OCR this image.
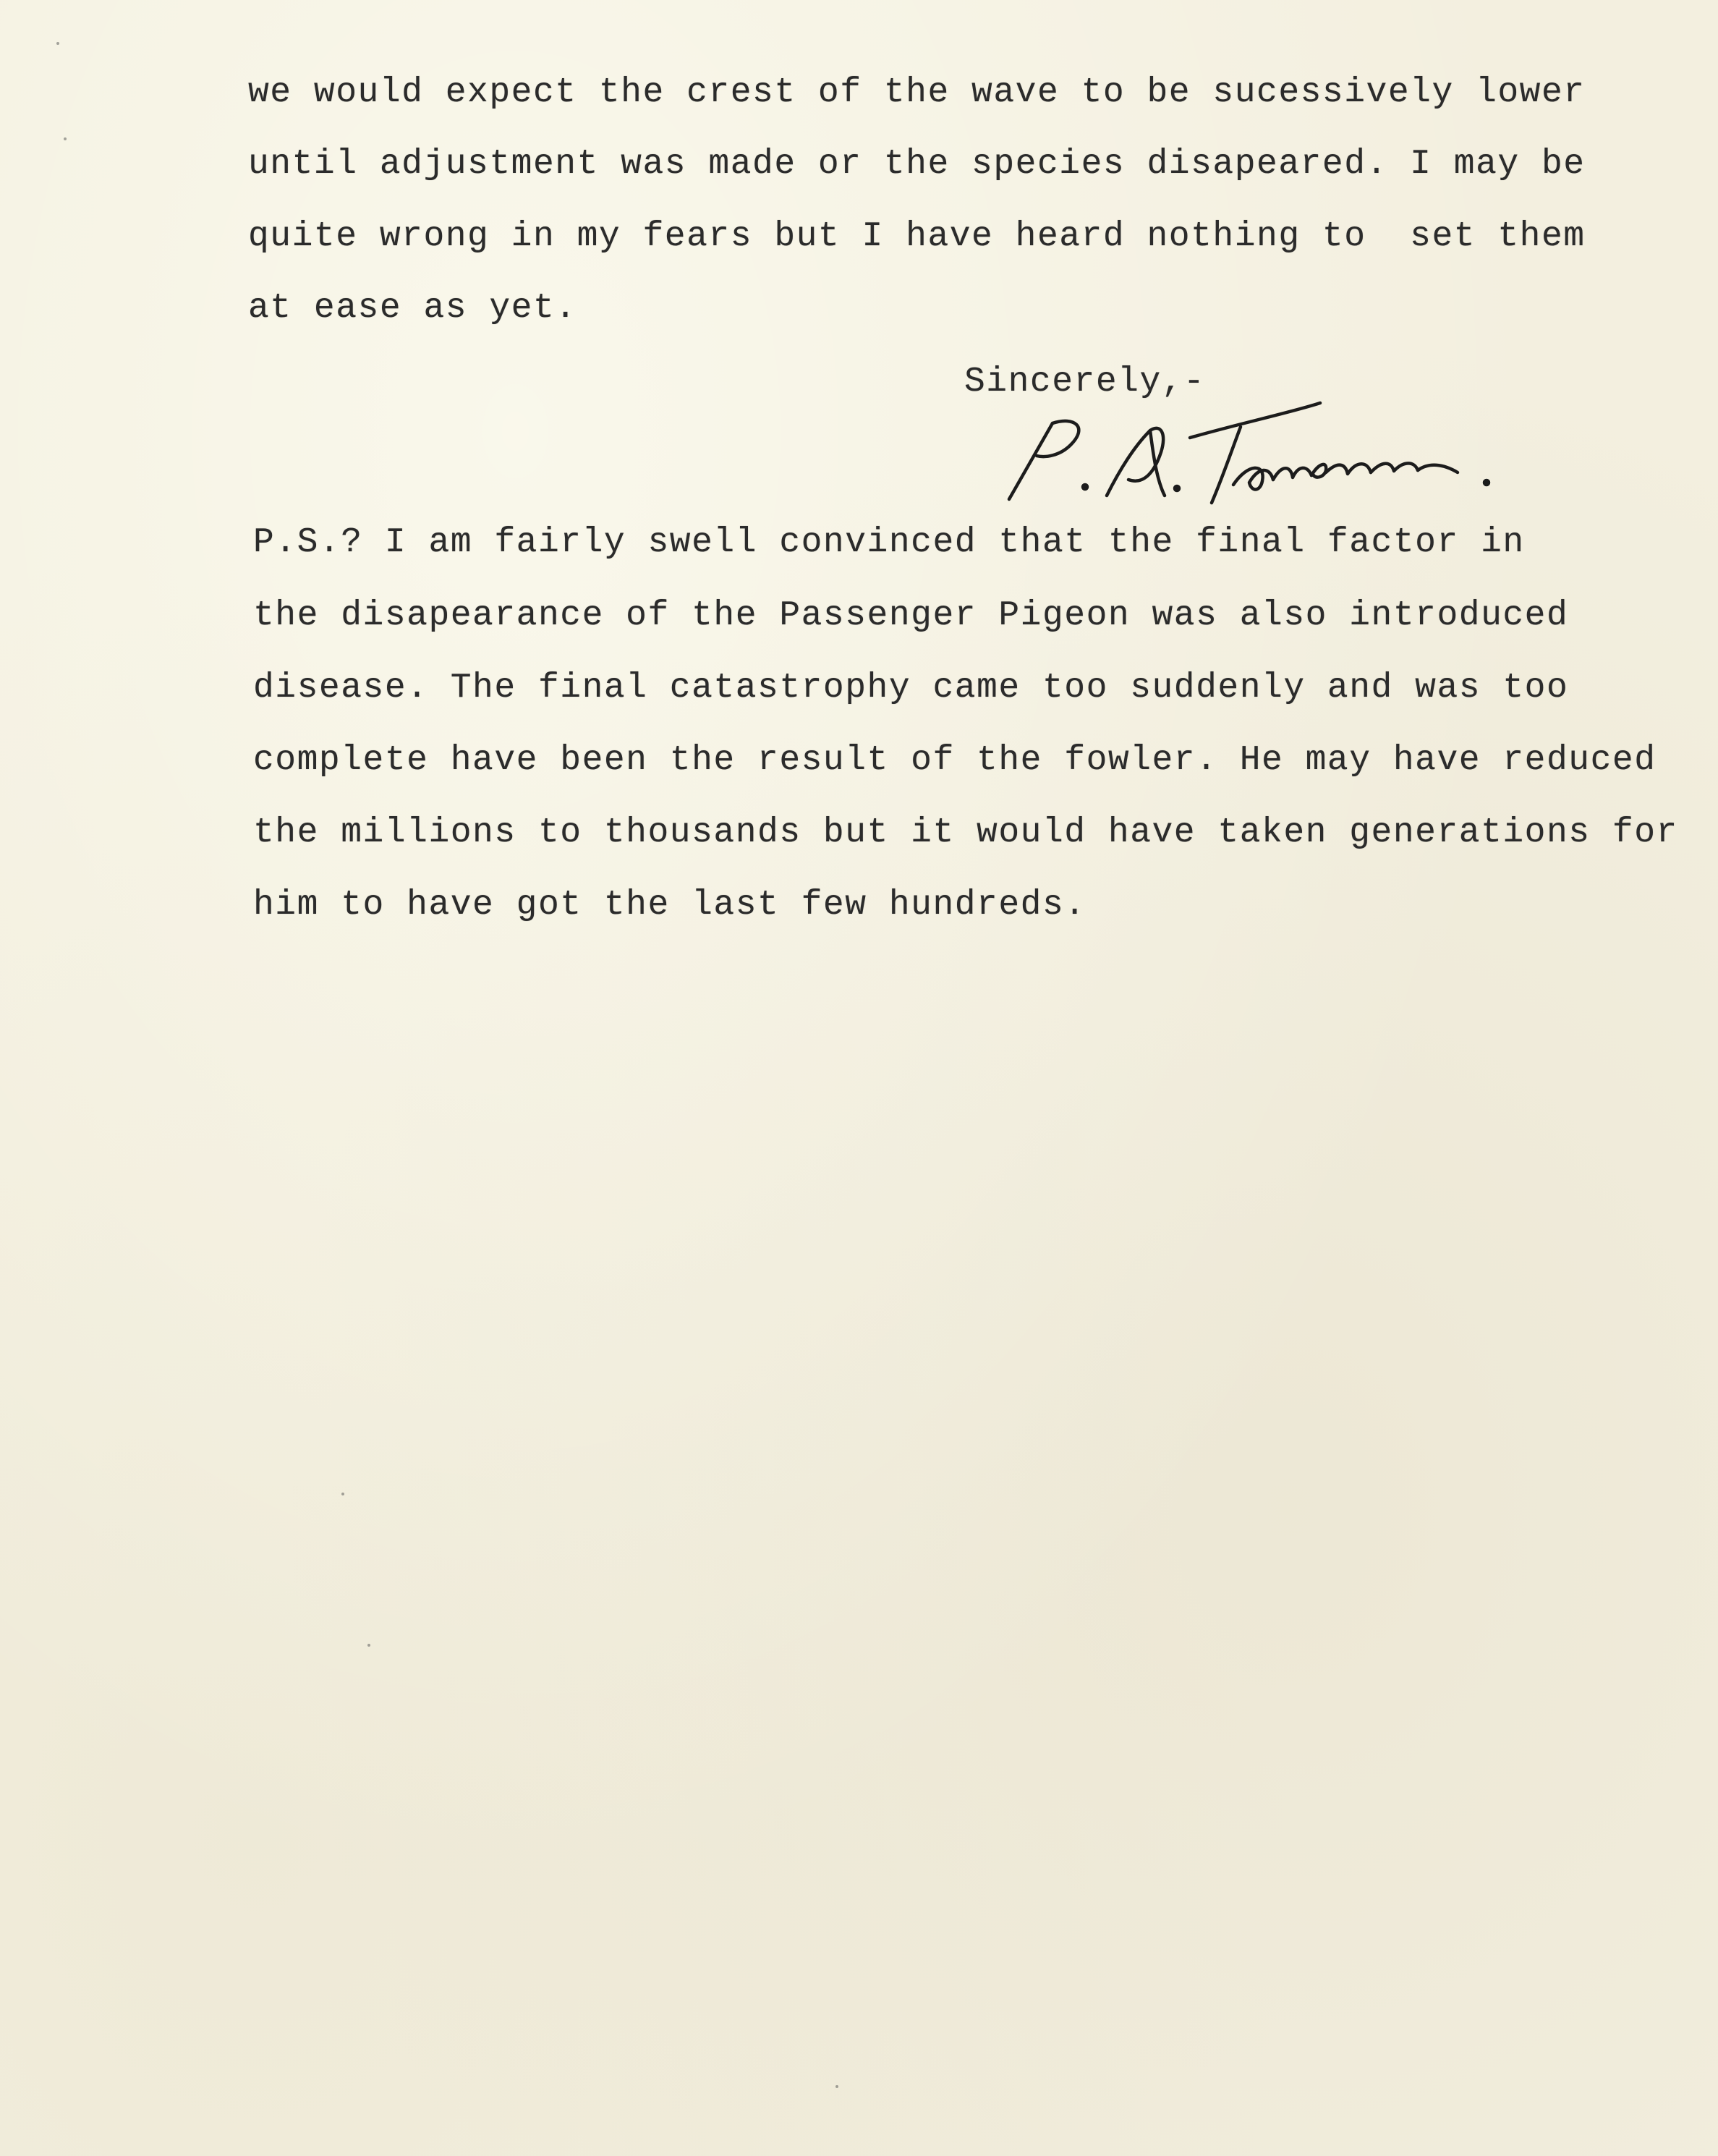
we would expect the crest of the wave to be sucessively lower
until adjustment was made or the species disapeared. I may be
quite wrong in my fears but I have heard nothing to  set them
at ease as yet.
Sincerely,-
P.S.? I am fairly swell convinced that the final factor in
the disapearance of the Passenger Pigeon was also introduced
disease. The final catastrophy came too suddenly and was too
complete have been the result of the fowler. He may have reduced
the millions to thousands but it would have taken generations for
him to have got the last few hundreds.
